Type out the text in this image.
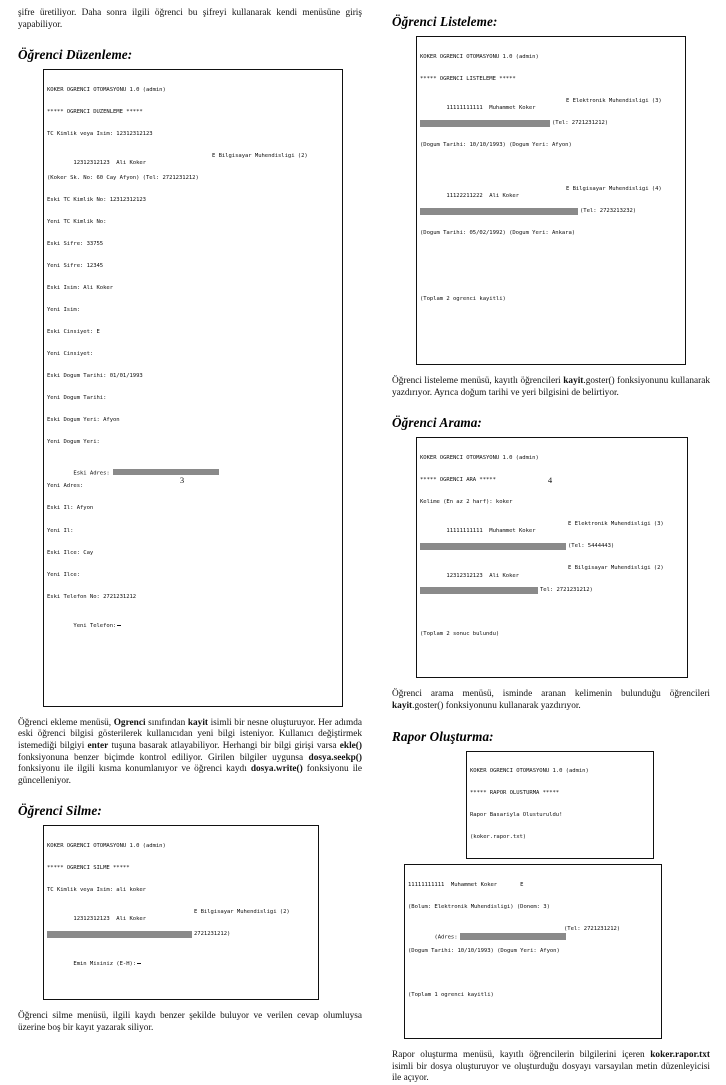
şifre üretiliyor. Daha sonra ilgili öğrenci bu şifreyi kullanarak kendi menüsüne giriş yapabiliyor.

Öğrenci Düzenleme:

KOKER OGRENCI OTOMASYONU 1.0 (admin)

***** OGRENCI DUZENLEME *****

TC Kimlik veya Isim: 12312312123

12312312123  Ali Koker

E Bilgisayar Muhendisligi (2)

(Koker Sk. No: 60 Cay Afyon) (Tel: 2721231212)

Eski TC Kimlik No: 12312312123

Yeni TC Kimlik No:

Eski Sifre: 33755

Yeni Sifre: 12345

Eski Isim: Ali Koker

Yeni Isim:

Eski Cinsiyet: E

Yeni Cinsiyet:

Eski Dogum Tarihi: 01/01/1993

Yeni Dogum Tarihi:

Eski Dogum Yeri: Afyon

Yeni Dogum Yeri:

Eski Adres:

Yeni Adres:

Eski Il: Afyon

Yeni Il:

Eski Ilce: Cay

Yeni Ilce:

Eski Telefon No: 2721231212

Yeni Telefon:

Öğrenci ekleme menüsü, Ogrenci sınıfından kayit isimli bir nesne oluşturuyor. Her adımda eski öğrenci bilgisi gösterilerek kullanıcıdan yeni bilgi isteniyor. Kullanıcı değiştirmek istemediği bilgiyi enter tuşuna basarak atlayabiliyor. Herhangi bir bilgi girişi varsa ekle() fonksiyonuna benzer biçimde kontrol ediliyor. Girilen bilgiler uygunsa dosya.seekp() fonksiyonu ile ilgili kısma konumlanıyor ve öğrenci kaydı dosya.write() fonksiyonu ile güncelleniyor.

Öğrenci Silme:

KOKER OGRENCI OTOMASYONU 1.0 (admin)

***** OGRENCI SILME *****

TC Kimlik veya Isim: ali koker

12312312123  Ali Koker

E Bilgisayar Muhendisligi (2)

2721231212)

Emin Misiniz (E-H):

Öğrenci silme menüsü, ilgili kaydı benzer şekilde buluyor ve verilen cevap olumluysa üzerine boş bir kayıt yazarak siliyor.

3
Öğrenci Listeleme:

KOKER OGRENCI OTOMASYONU 1.0 (admin)

***** OGRENCI LISTELEME *****

11111111111  Muhammet Koker

E Elektronik Muhendisligi (3)

(Tel: 2721231212)

(Dogum Tarihi: 10/10/1993) (Dogum Yeri: Afyon)

11122211222  Ali Koker

E Bilgisayar Muhendisligi (4)

(Tel: 2723213232)

(Dogum Tarihi: 05/02/1992) (Dogum Yeri: Ankara)

(Toplam 2 ogrenci kayitli)

Öğrenci listeleme menüsü, kayıtlı öğrencileri kayit.goster() fonksiyonunu kullanarak yazdırıyor. Ayrıca doğum tarihi ve yeri bilgisini de belirtiyor.

Öğrenci Arama:

KOKER OGRENCI OTOMASYONU 1.0 (admin)

***** OGRENCI ARA *****

Kelime (En az 2 harf): koker

11111111111  Muhammet Koker

E Elektronik Muhendisligi (3)

(Tel: 5444443)

12312312123  Ali Koker

E Bilgisayar Muhendisligi (2)

Tel: 2721231212)

(Toplam 2 sonuc bulundu)

Öğrenci arama menüsü, isminde aranan kelimenin bulunduğu öğrencileri kayit.goster() fonksiyonunu kullanarak yazdırıyor.

Rapor Oluşturma:

KOKER OGRENCI OTOMASYONU 1.0 (admin)

***** RAPOR OLUSTURMA *****

Rapor Basariyla Olusturuldu!

(koker.rapor.txt)

11111111111  Muhammet Koker       E

(Bolum: Elektronik Muhendisligi) (Donem: 3)

(Adres:

(Tel: 2721231212)

(Dogum Tarihi: 10/10/1993) (Dogum Yeri: Afyon)

(Toplam 1 ogrenci kayitli)

Rapor oluşturma menüsü, kayıtlı öğrencilerin bilgilerini içeren koker.rapor.txt isimli bir dosya oluşturuyor ve oluşturduğu dosyayı varsayılan metin düzenleyicisi ile açıyor.

4
